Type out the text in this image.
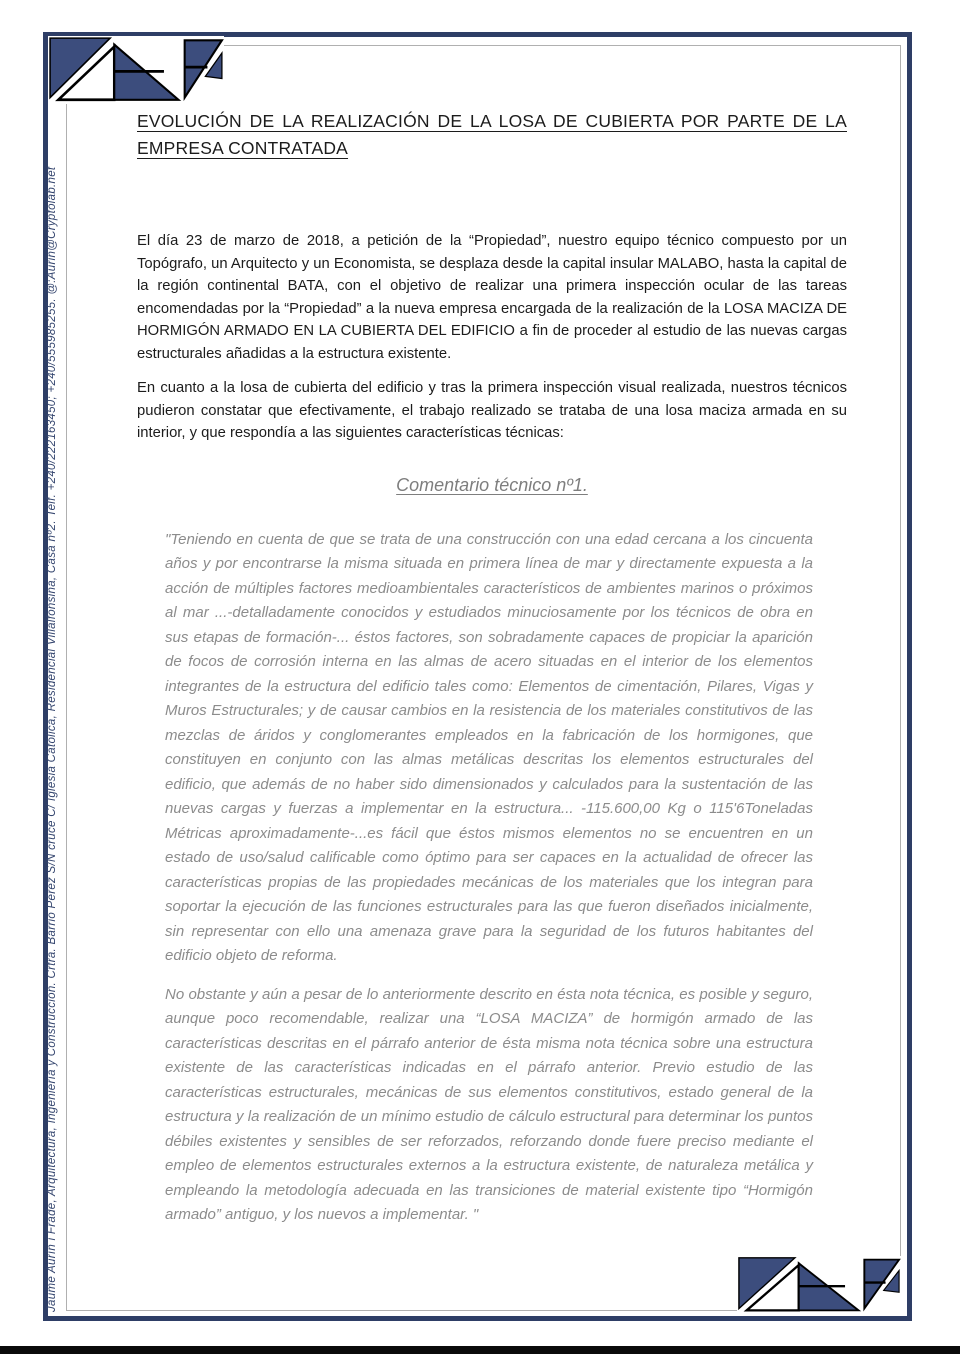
Jaume Aurín i Frade, Arquitectura, Ingeniería y Construcción. Crtra. Barrio Pérez S/N cruce C/ Iglesia Católica, Residencial Villalfonsina, Casa nº2. Telf. +240/222163450; +240/555985255. @:Aurin@Cryptolab.net
EVOLUCIÓN DE LA REALIZACIÓN DE LA LOSA DE CUBIERTA POR PARTE DE LA EMPRESA CONTRATADA

El día 23 de marzo de 2018, a petición de la “Propiedad”, nuestro equipo técnico compuesto por un Topógrafo, un Arquitecto y un Economista, se desplaza desde la capital insular MALABO, hasta la capital de la región continental BATA, con el objetivo de realizar una primera inspección ocular de las tareas encomendadas por la “Propiedad” a la nueva empresa encargada de la realización de la LOSA MACIZA DE HORMIGÓN ARMADO EN LA CUBIERTA DEL EDIFICIO a fin de proceder al estudio de las nuevas cargas estructurales añadidas a la estructura existente.

En cuanto a la losa de cubierta del edificio y tras la primera inspección visual realizada, nuestros técnicos pudieron constatar que efectivamente, el trabajo realizado se trataba de una losa maciza armada en su interior, y que respondía a las siguientes características técnicas:

Comentario técnico nº1.

"Teniendo en cuenta de que se trata de una construcción con una edad cercana a los cincuenta años y por encontrarse la misma situada en primera línea de mar y directamente expuesta a la acción de múltiples factores medioambientales característicos de ambientes marinos o próximos al mar ...-detalladamente conocidos y estudiados minuciosamente por los técnicos de obra en sus etapas de formación-... éstos factores, son sobradamente capaces de propiciar la aparición de focos de corrosión interna en las almas de acero situadas en el interior de los elementos integrantes de la estructura del edificio tales como: Elementos de cimentación, Pilares, Vigas y Muros Estructurales; y de causar cambios en la resistencia de los materiales constitutivos de las mezclas de áridos y conglomerantes empleados en la fabricación de los hormigones, que constituyen en conjunto con las almas metálicas descritas los elementos estructurales del edificio, que además de no haber sido dimensionados y calculados para la sustentación de las nuevas cargas y fuerzas a implementar en la estructura... -115.600,00 Kg o 115'6Toneladas Métricas aproximadamente-...es fácil que éstos mismos elementos no se encuentren en un estado de uso/salud calificable como óptimo para ser capaces en la actualidad de ofrecer las características propias de las propiedades mecánicas de los materiales que los integran para soportar la ejecución de las funciones estructurales para las que fueron diseñados inicialmente, sin representar con ello una amenaza grave para la seguridad de los futuros habitantes del edificio objeto de reforma.

No obstante y aún a pesar de lo anteriormente descrito en ésta nota técnica, es posible y seguro, aunque poco recomendable, realizar una “LOSA MACIZA” de hormigón armado de las características descritas en el párrafo anterior de ésta misma nota técnica sobre una estructura existente de las características indicadas en el párrafo anterior. Previo estudio de las características estructurales, mecánicas de sus elementos constitutivos, estado general de la estructura y la realización de un mínimo estudio de cálculo estructural para determinar los puntos débiles existentes y sensibles de ser reforzados, reforzando donde fuere preciso mediante el empleo de elementos estructurales externos a la estructura existente, de naturaleza metálica y empleando la metodología adecuada en las transiciones de material existente tipo “Hormigón armado” antiguo, y los nuevos a implementar. "
